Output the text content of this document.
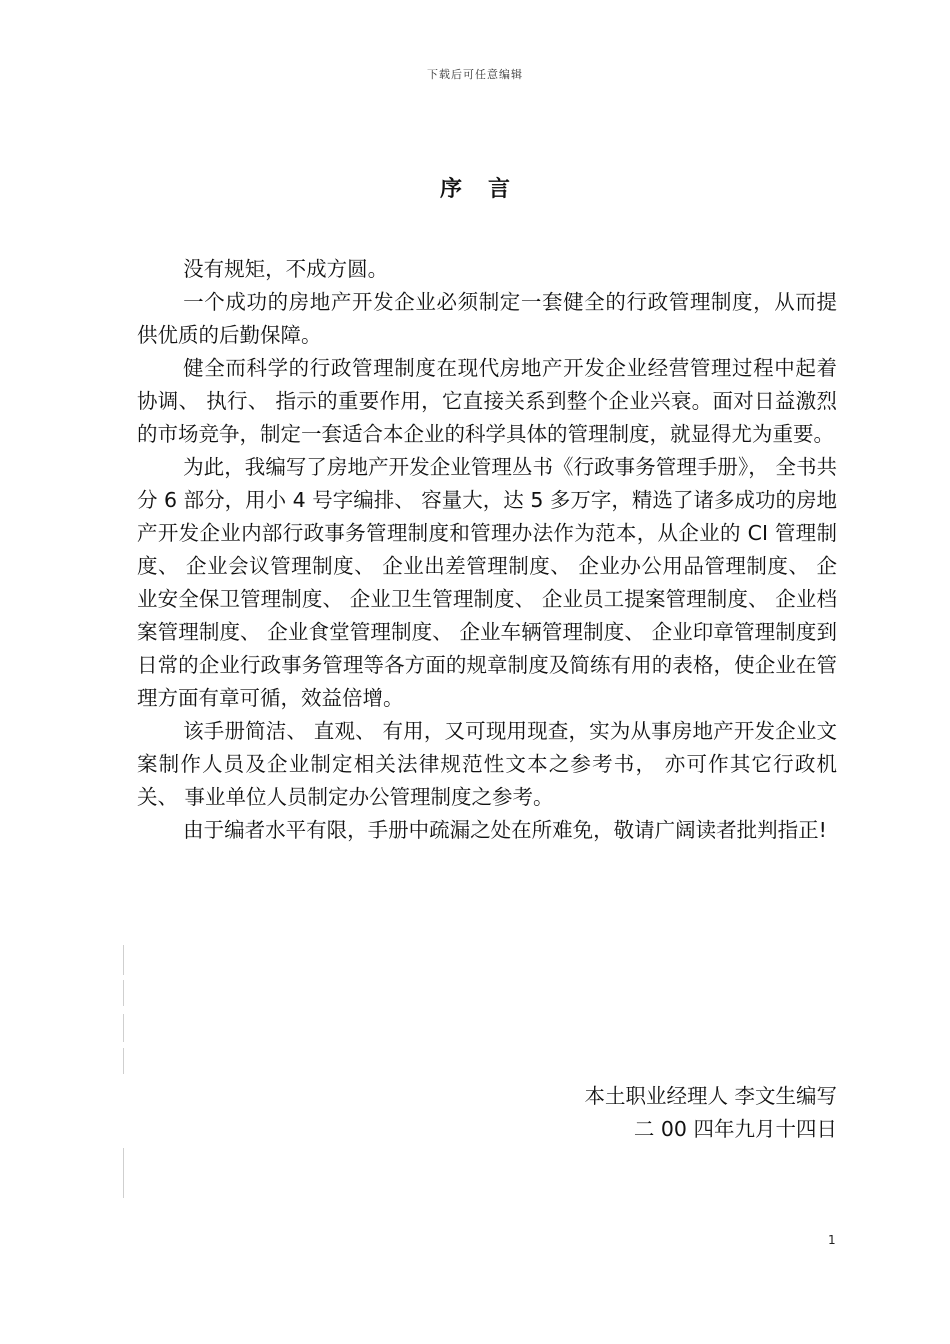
下载后可任意编辑
序言

没有规矩，不成方圆。

一个成功的房地产开发企业必须制定一套健全的行政管理制度，从而提供优质的后勤保障。

健全而科学的行政管理制度在现代房地产开发企业经营管理过程中起着协调、 执行、 指示的重要作用，它直接关系到整个企业兴衰。面对日益激烈的市场竞争，制定一套适合本企业的科学具体的管理制度，就显得尤为重要。

为此，我编写了房地产开发企业管理丛书《行政事务管理手册》， 全书共分 6 部分，用小 4 号字编排、 容量大，达 5 多万字，精选了诸多成功的房地产开发企业内部行政事务管理制度和管理办法作为范本，从企业的 CI 管理制度、 企业会议管理制度、 企业出差管理制度、 企业办公用品管理制度、 企业安全保卫管理制度、 企业卫生管理制度、 企业员工提案管理制度、 企业档案管理制度、 企业食堂管理制度、 企业车辆管理制度、 企业印章管理制度到日常的企业行政事务管理等各方面的规章制度及简练有用的表格，使企业在管理方面有章可循，效益倍增。

该手册简洁、 直观、 有用，又可现用现查，实为从事房地产开发企业文案制作人员及企业制定相关法律规范性文本之参考书， 亦可作其它行政机关、 事业单位人员制定办公管理制度之参考。

由于编者水平有限，手册中疏漏之处在所难免，敬请广阔读者批判指正!

本土职业经理人 李文生编写
二 00 四年九月十四日
1
